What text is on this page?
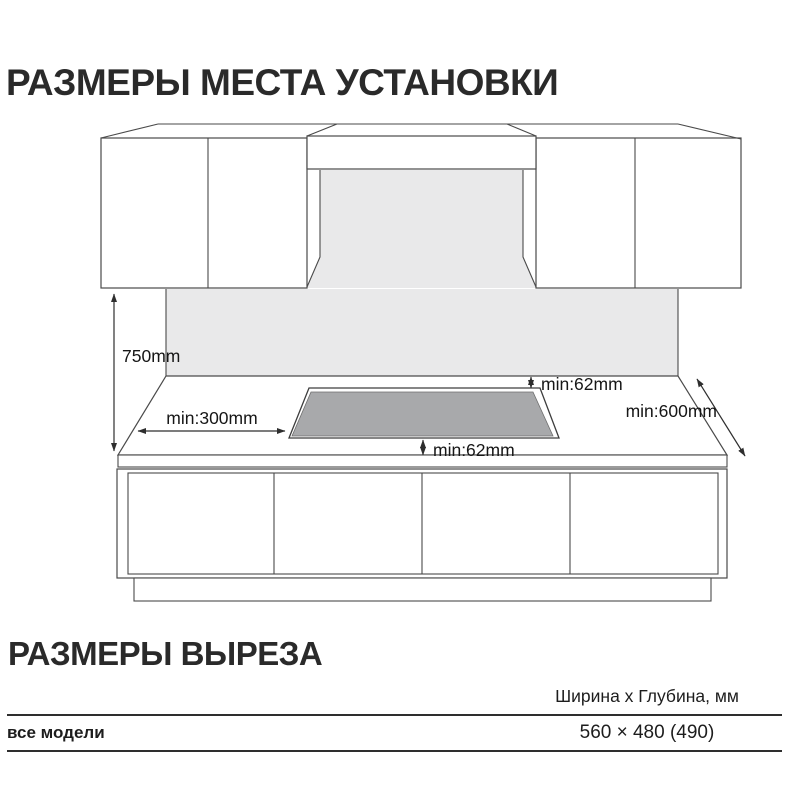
РАЗМЕРЫ МЕСТА УСТАНОВКИ
750mm
min:300mm
min:62mm
min:62mm
min:600mm
РАЗМЕРЫ ВЫРЕЗА
Ширина x Глубина, мм
все модели	560 × 480 (490)
